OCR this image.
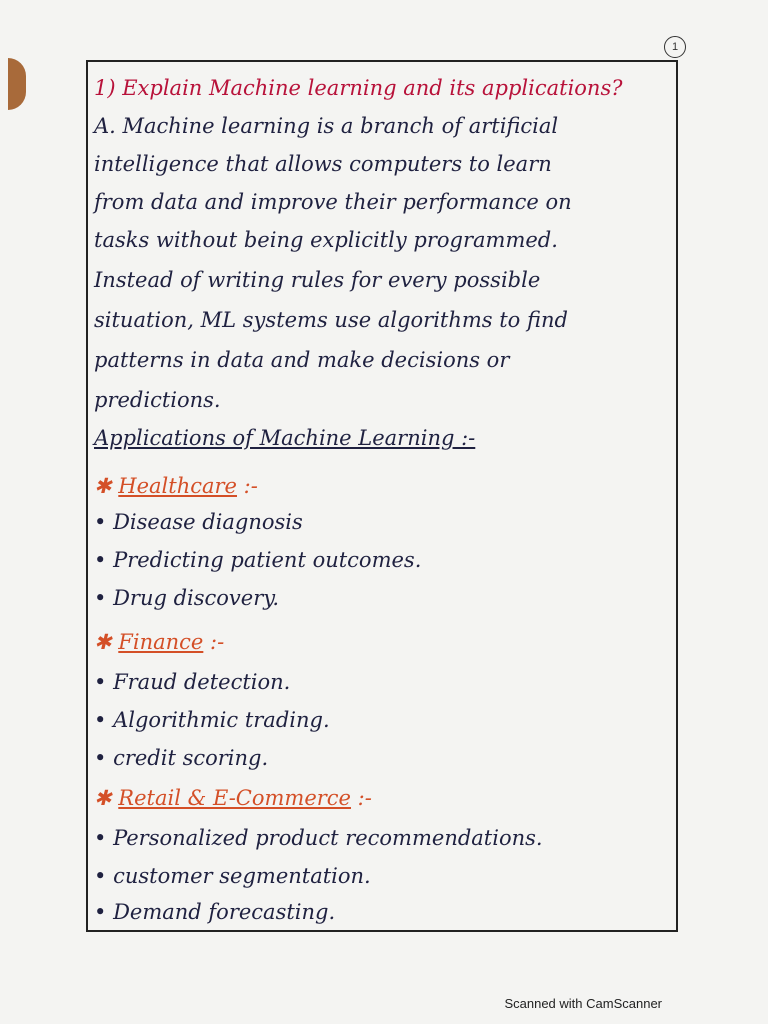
1
1) Explain Machine learning and its applications?
A. Machine learning is a branch of artificial
intelligence that allows computers to learn
from data and improve their performance on
tasks without being explicitly programmed.
Instead of writing rules for every possible
situation, ML systems use algorithms to find
patterns in data and make decisions or
predictions.
Applications of Machine Learning :-
✱ Healthcare :-
• Disease diagnosis
• Predicting patient outcomes.
• Drug discovery.
✱ Finance :-
• Fraud detection.
• Algorithmic trading.
• credit scoring.
✱ Retail & E-Commerce :-
• Personalized product recommendations.
• customer segmentation.
• Demand forecasting.
Scanned with CamScanner
